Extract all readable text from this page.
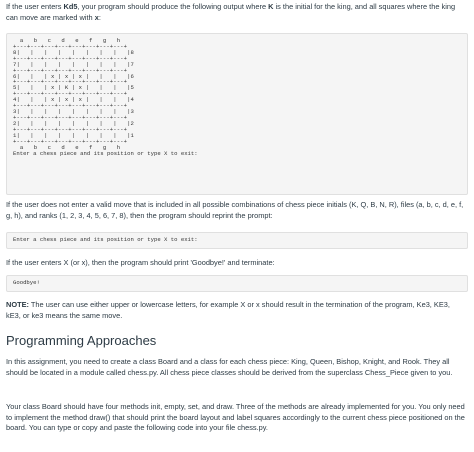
If the user enters Kd5, your program should produce the following output where K is the initial for the king, and all squares where the king can move are marked with x:

a   b   c   d   e   f   g   h
+---+---+---+---+---+---+---+---+
8|   |   |   |   |   |   |   |   |8
+---+---+---+---+---+---+---+---+
7|   |   |   |   |   |   |   |   |7
+---+---+---+---+---+---+---+---+
6|   |   | x | x | x |   |   |   |6
+---+---+---+---+---+---+---+---+
5|   |   | x | K | x |   |   |   |5
+---+---+---+---+---+---+---+---+
4|   |   | x | x | x |   |   |   |4
+---+---+---+---+---+---+---+---+
3|   |   |   |   |   |   |   |   |3
+---+---+---+---+---+---+---+---+
2|   |   |   |   |   |   |   |   |2
+---+---+---+---+---+---+---+---+
1|   |   |   |   |   |   |   |   |1
+---+---+---+---+---+---+---+---+
a   b   c   d   e   f   g   h
Enter a chess piece and its position or type X to exit:

If the user does not enter a valid move that is included in all possible combinations of chess piece initials (K, Q, B, N, R), files (a, b, c, d, e, f, g, h), and ranks (1, 2, 3, 4, 5, 6, 7, 8), then the program should reprint the prompt:

Enter a chess piece and its position or type X to exit:

If the user enters X (or x), then the program should print 'Goodbye!' and terminate:

Goodbye!

NOTE: The user can use either upper or lowercase letters, for example X or x should result in the termination of the program, Ke3, KE3, kE3, or ke3 means the same move.

Programming Approaches

In this assignment, you need to create a class Board and a class for each chess piece: King, Queen, Bishop, Knight, and Rook. They all should be located in a module called chess.py. All chess piece classes should be derived from the superclass Chess_Piece given to you.

Your class Board should have four methods init, empty, set, and draw. Three of the methods are already implemented for you. You only need to implement the method draw() that should print the board layout and label squares accordingly to the current chess piece positioned on the board. You can type or copy and paste the following code into your file chess.py.
